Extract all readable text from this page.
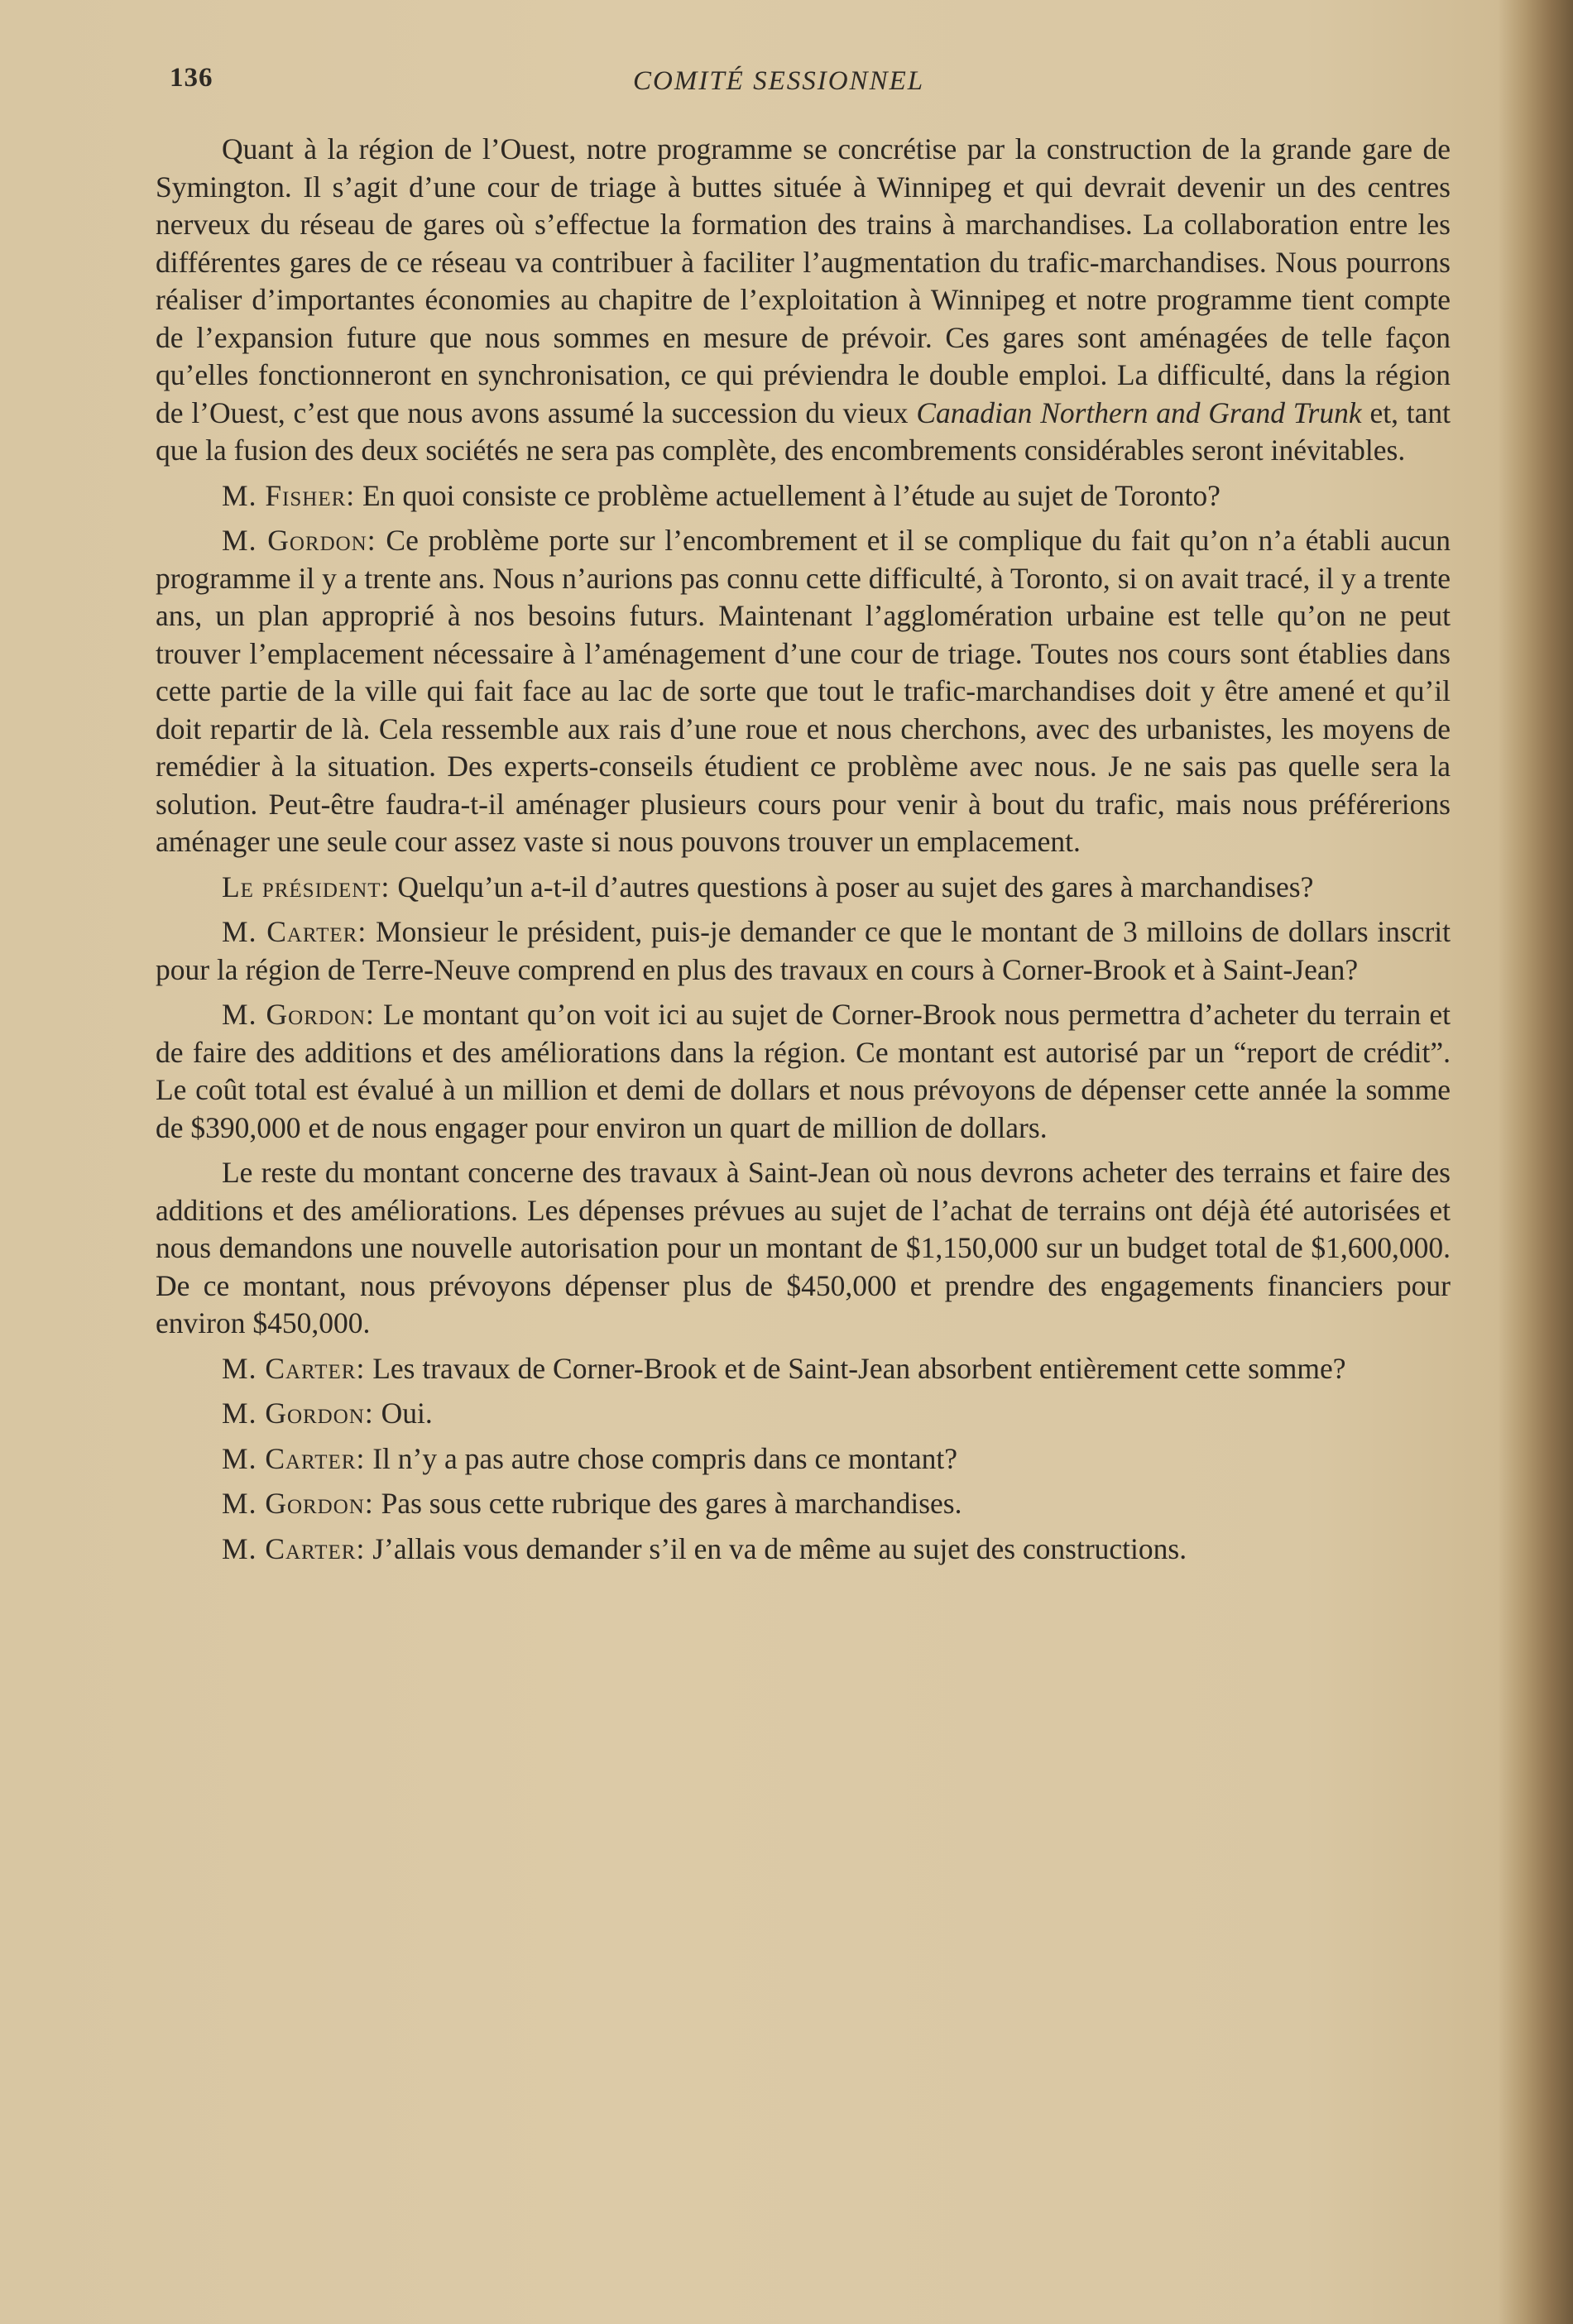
136	COMITÉ SESSIONNEL

Quant à la région de l’Ouest, notre programme se concrétise par la construction de la grande gare de Symington. Il s’agit d’une cour de triage à buttes située à Winnipeg et qui devrait devenir un des centres nerveux du réseau de gares où s’effectue la formation des trains à marchandises. La collaboration entre les différentes gares de ce réseau va contribuer à faciliter l’augmentation du trafic-marchandises. Nous pourrons réaliser d’importantes économies au chapitre de l’exploitation à Winnipeg et notre programme tient compte de l’expansion future que nous sommes en mesure de prévoir. Ces gares sont aménagées de telle façon qu’elles fonctionneront en synchronisation, ce qui préviendra le double emploi. La difficulté, dans la région de l’Ouest, c’est que nous avons assumé la succession du vieux Canadian Northern and Grand Trunk et, tant que la fusion des deux sociétés ne sera pas complète, des encombrements considérables seront inévitables.

M. Fisher: En quoi consiste ce problème actuellement à l’étude au sujet de Toronto?

M. Gordon: Ce problème porte sur l’encombrement et il se complique du fait qu’on n’a établi aucun programme il y a trente ans. Nous n’aurions pas connu cette difficulté, à Toronto, si on avait tracé, il y a trente ans, un plan approprié à nos besoins futurs. Maintenant l’agglomération urbaine est telle qu’on ne peut trouver l’emplacement nécessaire à l’aménagement d’une cour de triage. Toutes nos cours sont établies dans cette partie de la ville qui fait face au lac de sorte que tout le trafic-marchandises doit y être amené et qu’il doit repartir de là. Cela ressemble aux rais d’une roue et nous cherchons, avec des urbanistes, les moyens de remédier à la situation. Des experts-conseils étudient ce problème avec nous. Je ne sais pas quelle sera la solution. Peut-être faudra-t-il aménager plusieurs cours pour venir à bout du trafic, mais nous préférerions aménager une seule cour assez vaste si nous pouvons trouver un emplacement.

Le président: Quelqu’un a-t-il d’autres questions à poser au sujet des gares à marchandises?

M. Carter: Monsieur le président, puis-je demander ce que le montant de 3 milloins de dollars inscrit pour la région de Terre-Neuve comprend en plus des travaux en cours à Corner-Brook et à Saint-Jean?

M. Gordon: Le montant qu’on voit ici au sujet de Corner-Brook nous permettra d’acheter du terrain et de faire des additions et des améliorations dans la région. Ce montant est autorisé par un “report de crédit”. Le coût total est évalué à un million et demi de dollars et nous prévoyons de dépenser cette année la somme de $390,000 et de nous engager pour environ un quart de million de dollars.

Le reste du montant concerne des travaux à Saint-Jean où nous devrons acheter des terrains et faire des additions et des améliorations. Les dépenses prévues au sujet de l’achat de terrains ont déjà été autorisées et nous demandons une nouvelle autorisation pour un montant de $1,150,000 sur un budget total de $1,600,000. De ce montant, nous prévoyons dépenser plus de $450,000 et prendre des engagements financiers pour environ $450,000.

M. Carter: Les travaux de Corner-Brook et de Saint-Jean absorbent entièrement cette somme?

M. Gordon: Oui.

M. Carter: Il n’y a pas autre chose compris dans ce montant?

M. Gordon: Pas sous cette rubrique des gares à marchandises.

M. Carter: J’allais vous demander s’il en va de même au sujet des constructions.
